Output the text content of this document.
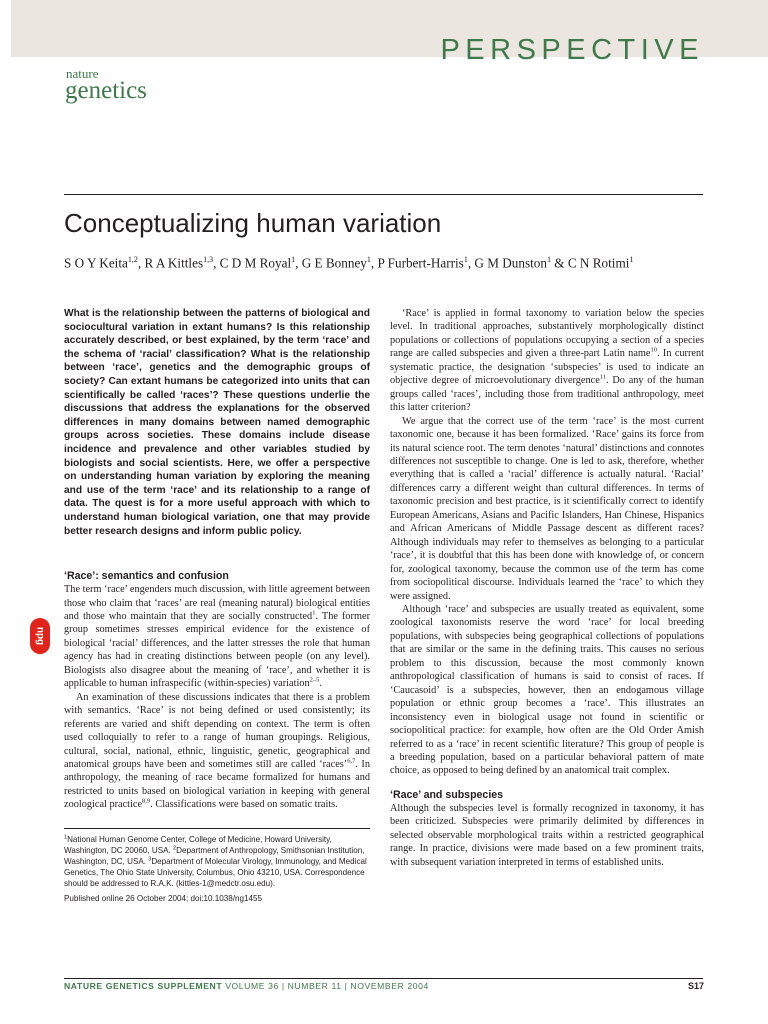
PERSPECTIVE
nature
genetics
Conceptualizing human variation
S O Y Keita$^{1,2}$, R A Kittles$^{1,3}$, C D M Royal$^1$, G E Bonney$^1$, P Furbert-Harris$^1$, G M Dunston$^1$ & C N Rotimi$^1$

What is the relationship between the patterns of biological and sociocultural variation in extant humans? Is this relationship accurately described, or best explained, by the term ‘race’ and the schema of ‘racial’ classification? What is the relationship between ‘race’, genetics and the demographic groups of society? Can extant humans be categorized into units that can scientifically be called ‘races’? These questions underlie the discussions that address the explanations for the observed differences in many domains between named demographic groups across societies. These domains include disease incidence and prevalence and other variables studied by biologists and social scientists. Here, we offer a perspective on understanding human variation by exploring the meaning and use of the term ‘race’ and its relationship to a range of data. The quest is for a more useful approach with which to understand human biological variation, one that may provide better research designs and inform public policy.

‘Race’: semantics and confusion

The term ‘race’ engenders much discussion, with little agreement between those who claim that ‘races’ are real (meaning natural) biological entities and those who maintain that they are socially constructed$^1$. The former group sometimes stresses empirical evidence for the existence of biological ‘racial’ differences, and the latter stresses the role that human agency has had in creating distinctions between people (on any level). Biologists also disagree about the meaning of ‘race’, and whether it is applicable to human infraspecific (within-species) variation$^{2-5}$.

An examination of these discussions indicates that there is a problem with semantics. ‘Race’ is not being defined or used consistently; its referents are varied and shift depending on context. The term is often used colloquially to refer to a range of human groupings. Religious, cultural, social, national, ethnic, linguistic, genetic, geographical and anatomical groups have been and sometimes still are called ‘races’$^{6,7}$. In anthropology, the meaning of race became formalized for humans and restricted to units based on biological variation in keeping with general zoological practice$^{8,9}$. Classifications were based on somatic traits.

$^1$National Human Genome Center, College of Medicine, Howard University, Washington, DC 20060, USA. $^2$Department of Anthropology, Smithsonian Institution, Washington, DC, USA. $^3$Department of Molecular Virology, Immunology, and Medical Genetics, The Ohio State University, Columbus, Ohio 43210, USA. Correspondence should be addressed to R.A.K. (kittles-1@medctr.osu.edu).

Published online 26 October 2004; doi:10.1038/ng1455

‘Race’ is applied in formal taxonomy to variation below the species level. In traditional approaches, substantively morphologically distinct populations or collections of populations occupying a section of a species range are called subspecies and given a three-part Latin name$^{10}$. In current systematic practice, the designation ‘subspecies’ is used to indicate an objective degree of microevolutionary divergence$^{11}$. Do any of the human groups called ‘races’, including those from traditional anthropology, meet this latter criterion?

We argue that the correct use of the term ‘race’ is the most current taxonomic one, because it has been formalized. ‘Race’ gains its force from its natural science root. The term denotes ‘natural’ distinctions and connotes differences not susceptible to change. One is led to ask, therefore, whether everything that is called a ‘racial’ difference is actually natural. ‘Racial’ differences carry a different weight than cultural differences. In terms of taxonomic precision and best practice, is it scientifically correct to identify European Americans, Asians and Pacific Islanders, Han Chinese, Hispanics and African Americans of Middle Passage descent as different races? Although individuals may refer to themselves as belonging to a particular ‘race’, it is doubtful that this has been done with knowledge of, or concern for, zoological taxonomy, because the common use of the term has come from sociopolitical discourse. Individuals learned the ‘race’ to which they were assigned.

Although ‘race’ and subspecies are usually treated as equivalent, some zoological taxonomists reserve the word ‘race’ for local breeding populations, with subspecies being geographical collections of populations that are similar or the same in the defining traits. This causes no serious problem to this discussion, because the most commonly known anthropological classification of humans is said to consist of races. If ‘Caucasoid’ is a subspecies, however, then an endogamous village population or ethnic group becomes a ‘race’. This illustrates an inconsistency even in biological usage not found in scientific or sociopolitical practice: for example, how often are the Old Order Amish referred to as a ‘race’ in recent scientific literature? This group of people is a breeding population, based on a particular behavioral pattern of mate choice, as opposed to being defined by an anatomical trait complex.

‘Race’ and subspecies

Although the subspecies level is formally recognized in taxonomy, it has been criticized. Subspecies were primarily delimited by differences in selected observable morphological traits within a restricted geographical range. In practice, divisions were made based on a few prominent traits, with subsequent variation interpreted in terms of established units.

npg
NATURE GENETICS SUPPLEMENT VOLUME 36 | NUMBER 11 | NOVEMBER 2004	S17
